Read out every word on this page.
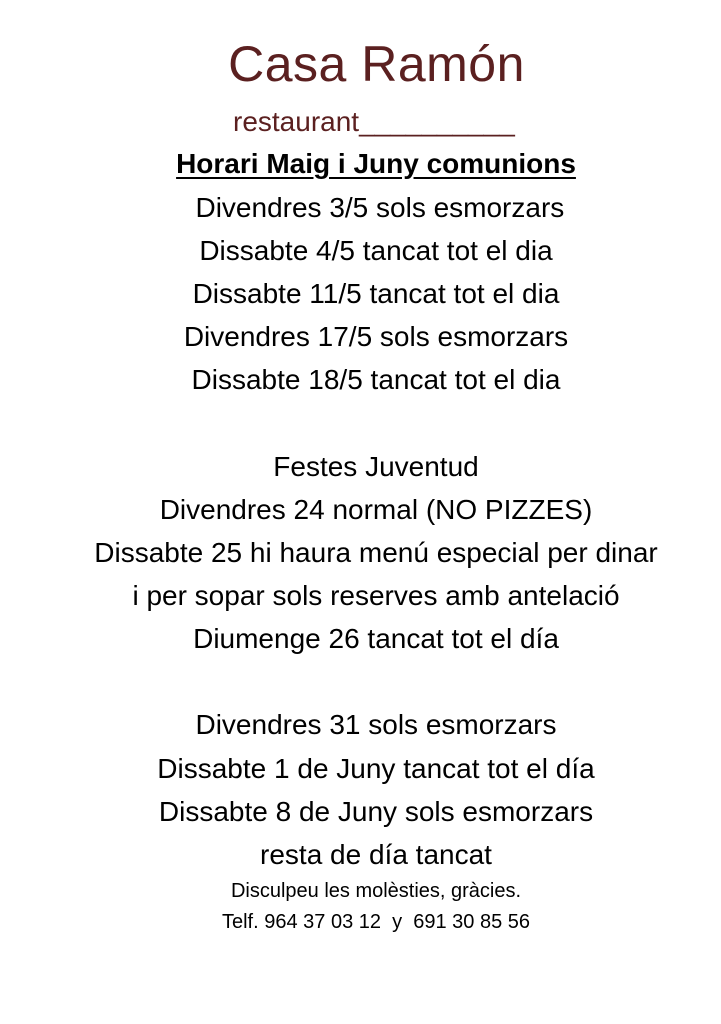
Casa Ramón
restaurant__________
Horari Maig i Juny comunions
Divendres 3/5 sols esmorzars
Dissabte 4/5 tancat tot el dia
Dissabte 11/5 tancat tot el dia
Divendres 17/5 sols esmorzars
Dissabte 18/5 tancat tot el dia
Festes Juventud
Divendres 24 normal (NO PIZZES)
Dissabte 25 hi haura menú especial per dinar
i per sopar sols reserves amb antelació
Diumenge 26 tancat tot el día
Divendres 31 sols esmorzars
Dissabte 1 de Juny tancat tot el día
Dissabte 8 de Juny sols esmorzars
resta de día tancat
Disculpeu les molèsties, gràcies.
Telf. 964 37 03 12  y  691 30 85 56
